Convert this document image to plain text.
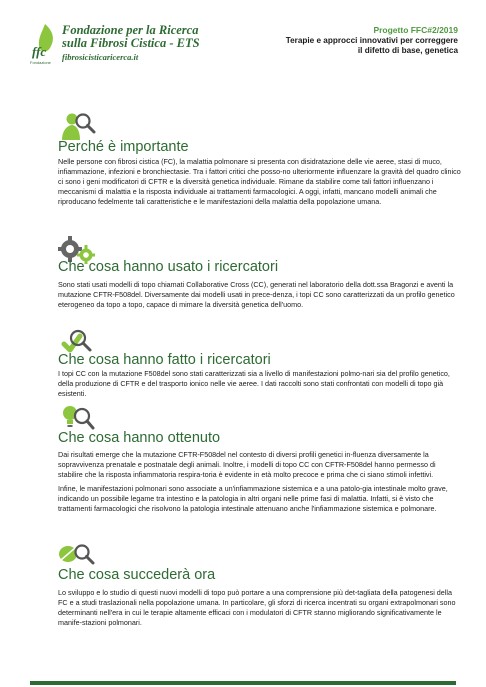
ffc
Fondazione
Fondazione per la Ricerca
sulla Fibrosi Cistica - ETS
fibrosicisticaricerca.it
Progetto FFC#2/2019
Terapie e approcci innovativi per correggere
il difetto di base, genetica
Perché è importante

Nelle persone con fibrosi cistica (FC), la malattia polmonare si presenta con disidratazione delle vie aeree, stasi di muco, infiammazione, infezioni e bronchiectasie. Tra i fattori critici che posso-no ulteriormente influenzare la gravità del quadro clinico ci sono i geni modificatori di CFTR e la diversità genetica individuale. Rimane da stabilire come tali fattori influenzano i meccanismi di malattia e la risposta individuale ai trattamenti farmacologici. A oggi, infatti, mancano modelli animali che riproducano fedelmente tali caratteristiche e le manifestazioni della malattia della popolazione umana.

Che cosa hanno usato i ricercatori

Sono stati usati modelli di topo chiamati Collaborative Cross (CC), generati nel laboratorio della dott.ssa Bragonzi e aventi la mutazione CFTR-F508del. Diversamente dai modelli usati in prece-denza, i topi CC sono caratterizzati da un profilo genetico eterogeneo da topo a topo, capace di mimare la diversità genetica dell'uomo.

Che cosa hanno fatto i ricercatori

I topi CC con la mutazione F508del sono stati caratterizzati sia a livello di manifestazioni polmo-nari sia del profilo genetico, della produzione di CFTR e del trasporto ionico nelle vie aeree. I dati raccolti sono stati confrontati con modelli di topo già esistenti.

Che cosa hanno ottenuto

Dai risultati emerge che la mutazione CFTR-F508del nel contesto di diversi profili genetici in-fluenza diversamente la sopravvivenza prenatale e postnatale degli animali. Inoltre, i modelli di topo CC con CFTR-F508del hanno permesso di stabilire che la risposta infiammatoria respira-toria è evidente in età molto precoce e prima che ci siano stimoli infettivi.

Infine, le manifestazioni polmonari sono associate a un'infiammazione sistemica e a una patolo-gia intestinale molto grave, indicando un possibile legame tra intestino e la patologia in altri organi nelle prime fasi di malattia. Infatti, si è visto che trattamenti farmacologici che risolvono la patologia intestinale attenuano anche l'infiammazione sistemica e polmonare.

Che cosa succederà ora

Lo sviluppo e lo studio di questi nuovi modelli di topo può portare a una comprensione più det-tagliata della patogenesi della FC e a studi traslazionali nella popolazione umana. In particolare, gli sforzi di ricerca incentrati su organi extrapolmonari sono determinanti nell'era in cui le terapie altamente efficaci con i modulatori di CFTR stanno migliorando significativamente le manife-stazioni polmonari.
